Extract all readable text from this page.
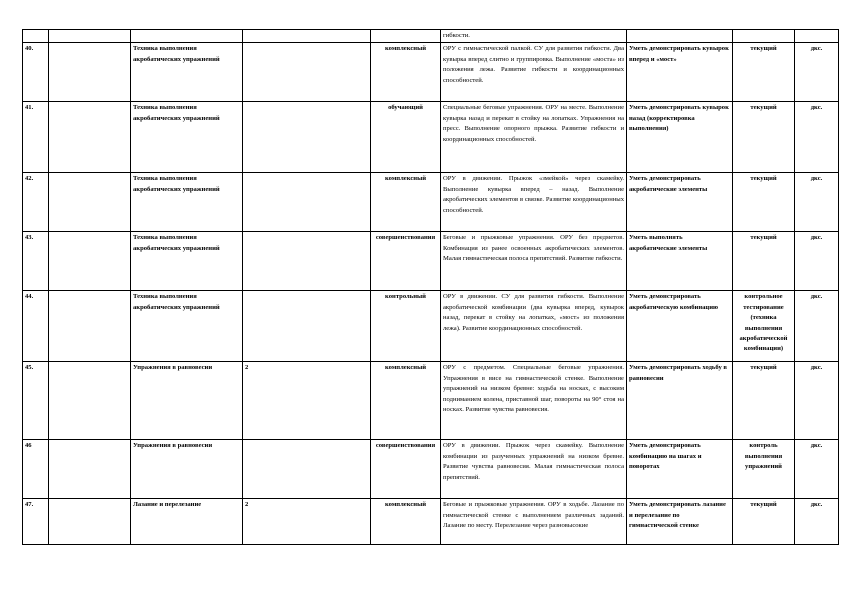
					гибкости.			
40.		Техника выполнения акробатических упражнений		комплексный	ОРУ с гимнастической палкой. СУ для развития гибкости. Два кувырка вперед слитно и группировка. Выполнение «моста» из положения лежа. Развитие гибкости и координационных способностей.	Уметь демонстрировать кувырок вперед и «мост»	текущий	дкс.
41.		Техника выполнения акробатических упражнений		обучающий	Специальные беговые упражнения. ОРУ на месте. Выполнение кувырка назад и перекат в стойку на лопатках. Упражнения на пресс. Выполнение опорного прыжка. Развитие гибкости и координационных способностей.	Уметь демонстрировать кувырок назад (корректировка выполнения)	текущий	дкс.
42.		Техника выполнения акробатических упражнений		комплексный	ОРУ в движении. Прыжок «змейкой» через скамейку. Выполнение кувырка вперед – назад. Выполнение акробатических элементов в связке. Развитие координационных способностей.	Уметь демонстрировать акробатические элементы	текущий	дкс.
43.		Техника выполнения акробатических упражнений		совершенствования	Беговые и прыжковые упражнения. ОРУ без предметов. Комбинация из ранее освоенных акробатических элементов. Малая гимнастическая полоса препятствий. Развитие гибкости.	Уметь выполнять акробатические элементы	текущий	дкс.
44.		Техника выполнения акробатических упражнений		контрольный	ОРУ в движении. СУ для развития гибкости. Выполнение акробатической комбинации (два кувырка вперед, кувырок назад, перекат в стойку на лопатках, «мост» из положения лежа). Развитие координационных способностей.	Уметь демонстрировать акробатическую комбинацию	контрольное тестирование (техника выполнения акробатической комбинации)	дкс.
45.		Упражнения в равновесии	2	комплексный	ОРУ с предметом. Специальные беговые упражнения. Упражнения в висе на гимнастической стенке. Выполнение упражнений на низком бревне: ходьба на носках, с высоким подниманием колена, приставной шаг, повороты на 90° стоя на носках. Развитие чувства равновесия.	Уметь демонстрировать ходьбу в равновесии	текущий	дкс.
46		Упражнения в равновесии		совершенствования	ОРУ в движении. Прыжок через скамейку. Выполнение комбинации из разученных упражнений на низком бревне. Развитие чувства равновесия. Малая гимнастическая полоса препятствий.	Уметь демонстрировать комбинацию на шагах и поворотах	контроль выполнения упражнений	дкс.
47.		Лазание и перелезание	2	комплексный	Беговые и прыжковые упражнения. ОРУ в ходьбе. Лазание по гимнастической стенке с выполнением различных заданий. Лазание по месту. Перелезание через разновысокие	Уметь демонстрировать лазание и перелезание по гимнастической стенке	текущий	дкс.
